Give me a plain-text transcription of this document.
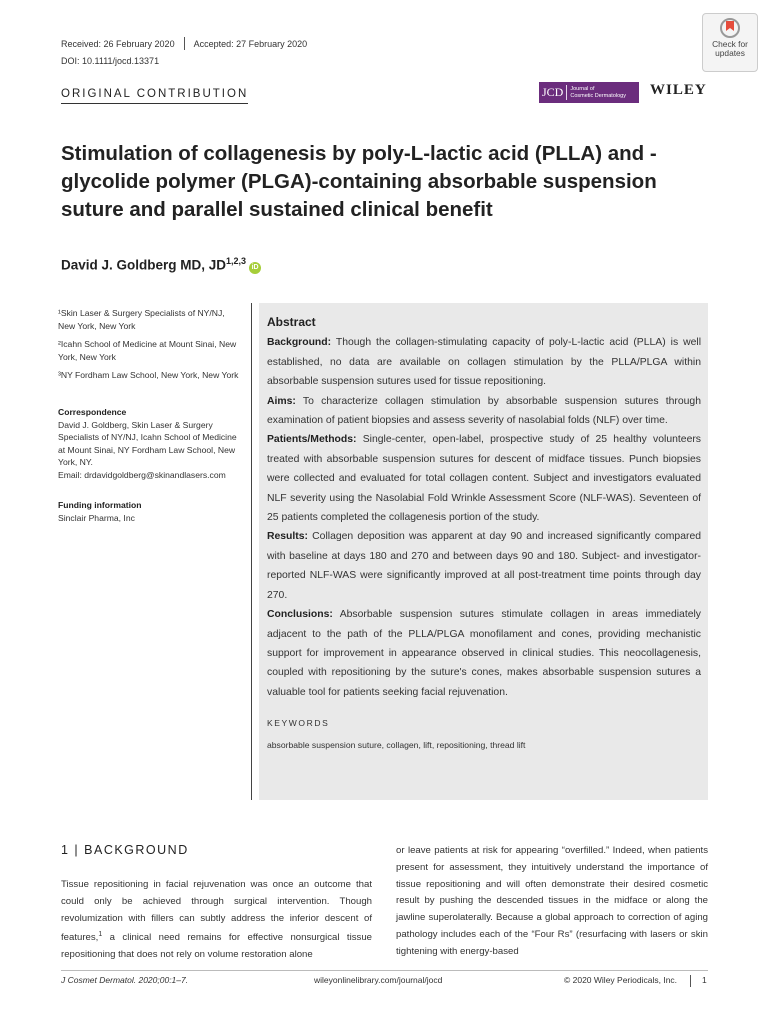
Received: 26 February 2020 Accepted: 27 February 2020
DOI: 10.1111/jocd.13371
ORIGINAL CONTRIBUTION
Check for
updates
JCD	Journal of
Cosmetic Dermatology WILEY
Stimulation of collagenesis by poly-L-lactic acid (PLLA) and -glycolide polymer (PLGA)-containing absorbable suspension suture and parallel sustained clinical benefit
David J. Goldberg MD, JD$^{1,2,3}$iD

¹Skin Laser & Surgery Specialists of NY/NJ, New York, New York

²Icahn School of Medicine at Mount Sinai, New York, New York

³NY Fordham Law School, New York, New York

Correspondence
David J. Goldberg, Skin Laser & Surgery Specialists of NY/NJ, Icahn School of Medicine at Mount Sinai, NY Fordham Law School, New York, NY.
Email: drdavidgoldberg@skinandlasers.com
Funding information
Sinclair Pharma, Inc
Abstract

Background: Though the collagen-stimulating capacity of poly-L-lactic acid (PLLA) is well established, no data are available on collagen stimulation by the PLLA/PLGA within absorbable suspension sutures used for tissue repositioning.

Aims: To characterize collagen stimulation by absorbable suspension sutures through examination of patient biopsies and assess severity of nasolabial folds (NLF) over time.

Patients/Methods: Single-center, open-label, prospective study of 25 healthy volunteers treated with absorbable suspension sutures for descent of midface tissues. Punch biopsies were collected and evaluated for total collagen content. Subject and investigators evaluated NLF severity using the Nasolabial Fold Wrinkle Assessment Score (NLF-WAS). Seventeen of 25 patients completed the collagenesis portion of the study.

Results: Collagen deposition was apparent at day 90 and increased significantly compared with baseline at days 180 and 270 and between days 90 and 180. Subject- and investigator-reported NLF-WAS were significantly improved at all post-treatment time points through day 270.

Conclusions: Absorbable suspension sutures stimulate collagen in areas immediately adjacent to the path of the PLLA/PLGA monofilament and cones, providing mechanistic support for improvement in appearance observed in clinical studies. This neocollagenesis, coupled with repositioning by the suture's cones, makes absorbable suspension sutures a valuable tool for patients seeking facial rejuvenation.

KEYWORDS
absorbable suspension suture, collagen, lift, repositioning, thread lift
1 | BACKGROUND
Tissue repositioning in facial rejuvenation was once an outcome that could only be achieved through surgical intervention. Though revolumization with fillers can subtly address the inferior descent of features,$^1$ a clinical need remains for effective nonsurgical tissue repositioning that does not rely on volume restoration alone
or leave patients at risk for appearing “overfilled.” Indeed, when patients present for assessment, they intuitively understand the importance of tissue repositioning and will often demonstrate their desired cosmetic result by pushing the descended tissues in the midface or along the jawline superolaterally. Because a global approach to correction of aging pathology includes each of the “Four Rs” (resurfacing with lasers or skin tightening with energy-based
J Cosmet Dermatol. 2020;00:1–7.	wileyonlinelibrary.com/journal/jocd	© 2020 Wiley Periodicals, Inc.	1
